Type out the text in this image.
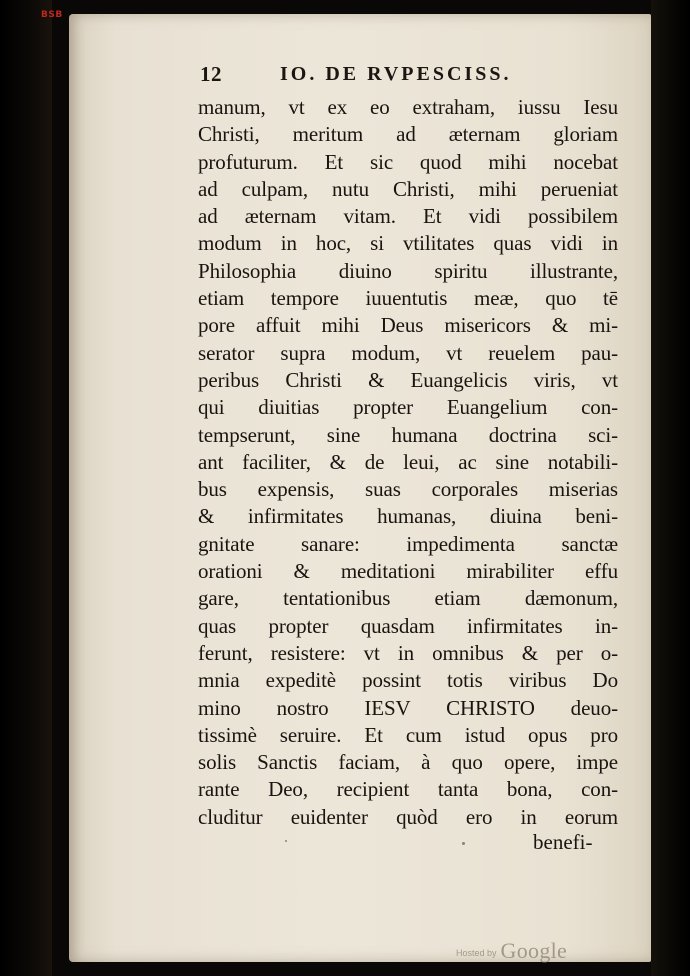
BSB
12	IO. DE RVPESCISS.
manum, vt ex eo extraham, iussu Iesu
Christi, meritum ad æternam gloriam
profuturum. Et sic quod mihi nocebat
ad culpam, nutu Christi, mihi perueniat
ad æternam vitam. Et vidi possibilem
modum in hoc, si vtilitates quas vidi in
Philosophia diuino spiritu illustrante,
etiam tempore iuuentutis meæ, quo tē
pore affuit mihi Deus misericors & mi-
serator supra modum, vt reuelem pau-
peribus Christi & Euangelicis viris, vt
qui diuitias propter Euangelium con-
tempserunt, sine humana doctrina sci-
ant faciliter, & de leui, ac sine notabili-
bus expensis, suas corporales miserias
& infirmitates humanas, diuina beni-
gnitate sanare: impedimenta sanctæ
orationi & meditationi mirabiliter effu
gare, tentationibus etiam dæmonum,
quas propter quasdam infirmitates in-
ferunt, resistere: vt in omnibus & per o-
mnia expeditè possint totis viribus Do
mino nostro IESV CHRISTO deuo-
tissimè seruire. Et cum istud opus pro
solis Sanctis faciam, à quo opere, impe
rante Deo, recipient tanta bona, con-
cluditur euidenter quòd ero in eorum
benefi-
Hosted by Google
